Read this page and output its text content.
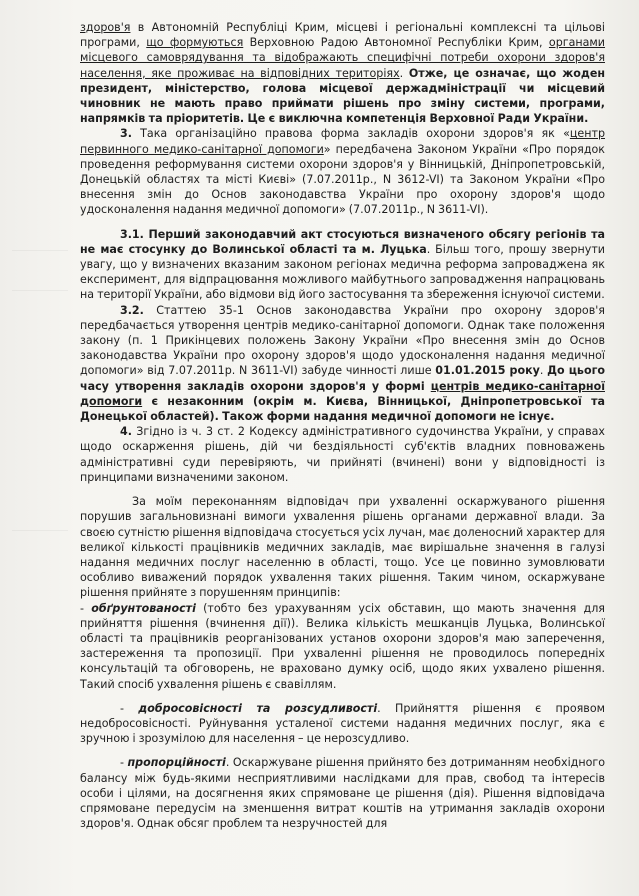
здоров'я в Автономній Республіці Крим, місцеві і регіональні комплексні та цільові програми, що формуються Верховною Радою Автономної Республіки Крим, органами місцевого самоврядування та відображають специфічні потреби охорони здоров'я населення, яке проживає на відповідних територіях. Отже, це означає, що жоден президент, міністерство, голова місцевої держадміністрації чи місцевий чиновник не мають право приймати рішень про зміну системи, програми, напрямків та пріоритетів. Це є виключна компетенція Верховної Ради України.

3. Така організаційно правова форма закладів охорони здоров'я як «центр первинного медико-санітарної допомоги» передбачена Законом України «Про порядок проведення реформування системи охорони здоров'я у Вінницькій, Дніпропетровській, Донецькій областях та місті Києві» (7.07.2011р., N 3612-VI) та Законом України «Про внесення змін до Основ законодавства України про охорону здоров'я щодо удосконалення надання медичної допомоги» (7.07.2011р., N 3611-VI).

3.1. Перший законодавчий акт стосуються визначеного обсягу регіонів та не має стосунку до Волинської області та м. Луцька. Більш того, прошу звернути увагу, що у визначених вказаним законом регіонах медична реформа запроваджена як експеримент, для відпрацювання можливого майбутнього запровадження напрацювань на території України, або відмови від його застосування та збереження існуючої системи.

3.2. Статтею 35-1 Основ законодавства України про охорону здоров'я передбачається утворення центрів медико-санітарної допомоги. Однак таке положення закону (п. 1 Прикінцевих положень Закону України «Про внесення змін до Основ законодавства України про охорону здоров'я щодо удосконалення надання медичної допомоги» від 7.07.2011р. N 3611-VI) забуде чинності лише 01.01.2015 року. До цього часу утворення закладів охорони здоров'я у формі центрів медико-санітарної допомоги є незаконним (окрім м. Києва, Вінницької, Дніпропетровської та Донецької областей). Також форми надання медичної допомоги не існує.

4. Згідно із ч. 3 ст. 2 Кодексу адміністративного судочинства України, у справах щодо оскарження рішень, дій чи бездіяльності суб'єктів владних повноважень адміністративні суди перевіряють, чи прийняті (вчинені) вони у відповідності із принципами визначеними законом.

За моїм переконанням відповідач при ухваленні оскаржуваного рішення порушив загальновизнані вимоги ухвалення рішень органами державної влади. За своєю сутністю рішення відповідача стосується усіх лучан, має доленосний характер для великої кількості працівників медичних закладів, має вирішальне значення в галузі надання медичних послуг населенню в області, тощо. Усе це повинно зумовлювати особливо виважений порядок ухвалення таких рішення. Таким чином, оскаржуване рішення прийняте з порушенням принципів:

- обґрунтованості (тобто без урахуванням усіх обставин, що мають значення для прийняття рішення (вчинення дії)). Велика кількість мешканців Луцька, Волинської області та працівників реорганізованих установ охорони здоров'я маю заперечення, застереження та пропозиції. При ухваленні рішення не проводилось попередніх консультацій та обговорень, не враховано думку осіб, щодо яких ухвалено рішення. Такий спосіб ухвалення рішень є свавіллям.

- добросовісності та розсудливості. Прийняття рішення є проявом недобросовісності. Руйнування усталеної системи надання медичних послуг, яка є зручною і зрозумілою для населення – це нерозсудливо.

- пропорційності. Оскаржуване рішення прийнято без дотриманням необхідного балансу між будь-якими несприятливими наслідками для прав, свобод та інтересів особи і цілями, на досягнення яких спрямоване це рішення (дія). Рішення відповідача спрямоване передусім на зменшення витрат коштів на утримання закладів охорони здоров'я. Однак обсяг проблем та незручностей для
